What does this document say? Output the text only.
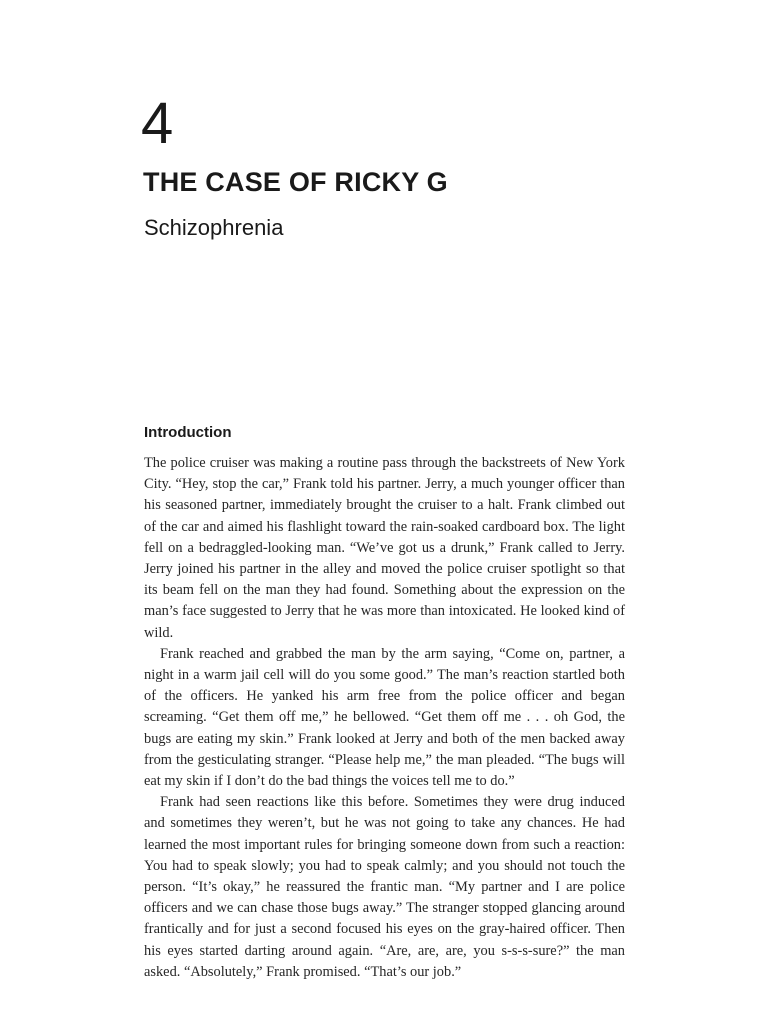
4
THE CASE OF RICKY G
Schizophrenia
Introduction

The police cruiser was making a routine pass through the backstreets of New York City. “Hey, stop the car,” Frank told his partner. Jerry, a much younger officer than his seasoned partner, immediately brought the cruiser to a halt. Frank climbed out of the car and aimed his flashlight toward the rain-soaked cardboard box. The light fell on a bedraggled-looking man. “We’ve got us a drunk,” Frank called to Jerry. Jerry joined his partner in the alley and moved the police cruiser spotlight so that its beam fell on the man they had found. Something about the expression on the man’s face suggested to Jerry that he was more than intoxicated. He looked kind of wild.

Frank reached and grabbed the man by the arm saying, “Come on, partner, a night in a warm jail cell will do you some good.” The man’s reaction startled both of the officers. He yanked his arm free from the police officer and began screaming. “Get them off me,” he bellowed. “Get them off me . . . oh God, the bugs are eating my skin.” Frank looked at Jerry and both of the men backed away from the gesticulating stranger. “Please help me,” the man pleaded. “The bugs will eat my skin if I don’t do the bad things the voices tell me to do.”

Frank had seen reactions like this before. Sometimes they were drug induced and sometimes they weren’t, but he was not going to take any chances. He had learned the most important rules for bringing someone down from such a reaction: You had to speak slowly; you had to speak calmly; and you should not touch the person. “It’s okay,” he reassured the frantic man. “My partner and I are police officers and we can chase those bugs away.” The stranger stopped glancing around frantically and for just a second focused his eyes on the gray-haired officer. Then his eyes started darting around again. “Are, are, are, you s-s-s-sure?” the man asked. “Absolutely,” Frank promised. “That’s our job.”
